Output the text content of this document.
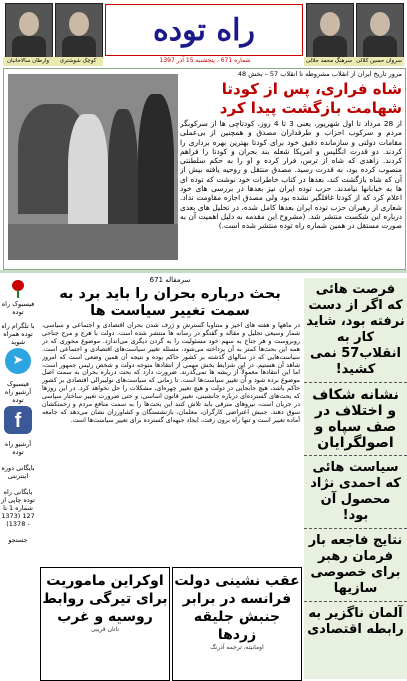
سروان حسین کلالی
سرهنگ محمد جلالی
کوچک شوشتری
وارطان سالاخانیان
راه توده
شماره 671 ، پنجشنبه 15 آذر 1397
مرور تاریخ ایران از انقلاب مشروطه تا انقلاب 57 – بخش 48
شاه فراری، پس از کودتا شهامت بازگشت پیدا کرد
از 28 مرداد تا اول شهریور، یعنی 3 تا 4 روز، کودتاچی ها از سرکوبگر مردم و سرکوب احزاب و طرفداران مصدق و همچنین از بی‌عملی مقامات دولتی و سازمانده دقیق خود برای کودتا بهترین بهره برداری را کردند. دو قدرت انگلیس و امریکا شعله بند بحران و کودتا را فراهم کردند. زاهدی که شاه از ترس، فرار کرده و او را به حکم سلطنتی منصوب کرده بود، به قدرت رسید. مصدق منتقل و روحیه یافته بیش از آن که شاه بازگشت کند، بعدها در کتاب خاطرات خود نوشت که توده ای ها به خیابانها نیامدند. حزب توده ایران نیز بعدها در بررسی های خود اعلام کرد که از کودتا غافلگیر نشده بود ولی مصدق اجازه مقاومت نداد. شعاری از رهبران حزب توده ایران بعدها کامل شده، در تحلیل های بعدی درباره این شکست منتشر شد. (مشروح این مقدمه به دلیل اهمیت آن به صورت مستقل در همین شماره راه توده منتشر شده است.)
فیسبوک راه توده
با تلگرام راه توده همراه شوید
➤
فیسبوک آرشیو راه توده
f
آرشیو راه توده
بایگانی دوره اینترنتی
بایگانی راه توده چاپی از شماره 1 تا 127 (1373 - 1378)
جستجو
سرمقاله 671
بحث درباره بحران را باید برد به سمت تغییر سیاست ها
در ماهها و هفته های اخیر و متناوباً گسترش و ژرف شدن بحران اقتصادی و اجتماعی و سیاسی، شمار وسیعی تحلیل و مقاله و گفتگو در رسانه ها منتشر شده است. دولت با هرج و مرج جناحی روبروست و هر جناح به سهم خود مسئولیت را به گردن دیگری می‌اندازد. موضوع محوری که در همه این بحث‌ها کمتر به آن پرداخته می‌شود، مسئله تغییر سیاست‌های اقتصادی و اجتماعی است. سیاست‌هایی که در سالهای گذشته بر کشور حاکم بوده و نتیجه آن همین وضعی است که امروز شاهد آن هستیم. در این شرایط بخش مهمی از انتقادها متوجه دولت و شخص رئیس جمهور است، اما این انتقادها معمولاً از ریشه ها نمی‌گذرند. ضرورت دارد که بحث درباره بحران به سمت اصل موضوع برده شود و آن تغییر سیاست‌ها است. تا زمانی که سیاست‌های نولیبرالی اقتصادی بر کشور حاکم باشد، هیچ جابجایی در دولت و هیچ تغییر چهره‌ای، مشکلات را حل نخواهد کرد. در این روزها که بحث‌های گسترده‌ای درباره جانشینی، تغییر قانون اساسی، و حتی ضرورت تغییر ساختار سیاسی در جریان است، نیروهای مترقی باید تلاش کنند این بحث‌ها را به سمت منافع مردم و زحمتکشان سوق دهند. جنبش اعتراضی کارگران، معلمان، بازنشستگان و کشاورزان نشان می‌دهد که جامعه آماده تغییر است و تنها راه برون رفت، ایجاد جبهه‌ای گسترده برای تغییر سیاست‌ها است.
عقب نشینی دولت فرانسه در برابر جنبش جلیقه زردها
اومانیته، ترجمه آذرنگ
اوکراین ماموریت برای تیرگی روابط روسیه و غرب
ناتان قریبی
فرصت هائی که اگر از دست نرفته بود، شاید کار به انقلاب57 نمی کشید!
نشانه شکاف و اختلاف در صف سپاه و اصولگرایان
سیاست هائی که احمدی نژاد محصول آن بود!
نتایج فاجعه بار فرمان رهبر برای خصوصی سازیها
آلمان ناگزیر به رابطه اقتصادی
